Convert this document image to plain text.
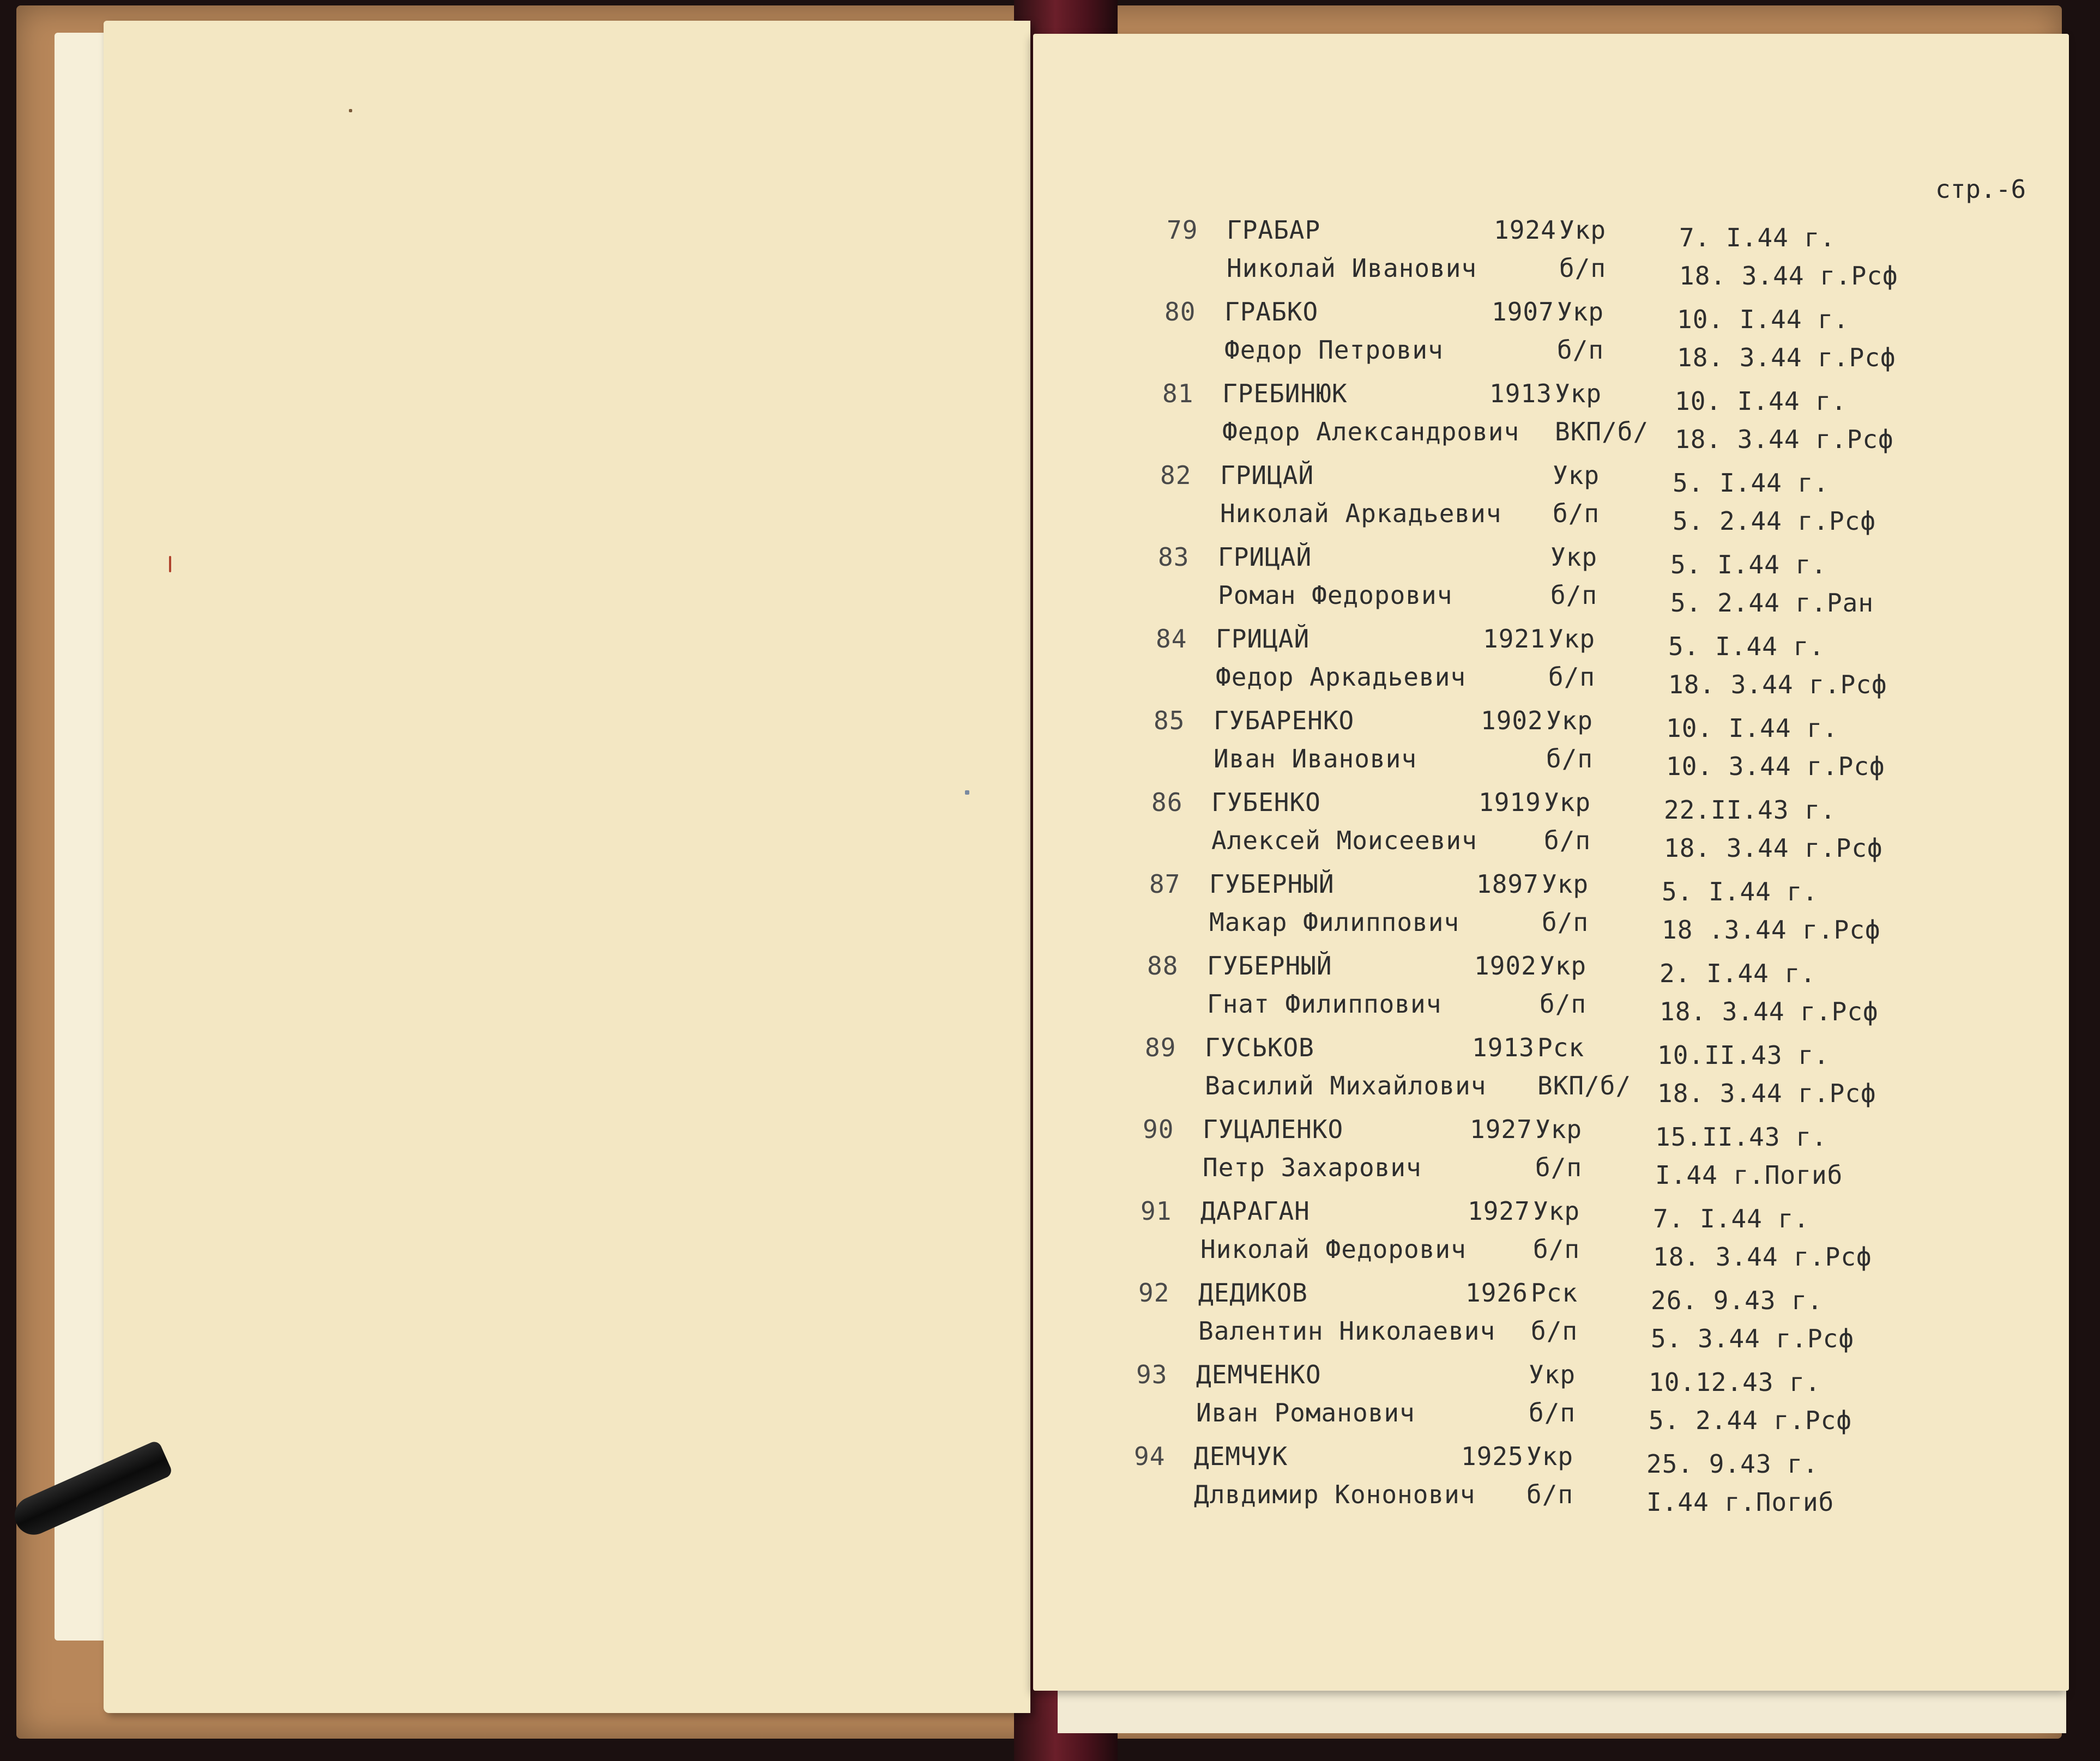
стр.-6
79 ГРАБАР
Николай Иванович
1924 Укр
б/п
7. I.44 г.
18. 3.44 г.Рсф
80 ГРАБКО
Федор Петрович
1907 Укр
б/п
10. I.44 г.
18. 3.44 г.Рсф
81 ГРЕБИНЮК
Федор Александрович
1913 Укр
ВКП/б/
10. I.44 г.
18. 3.44 г.Рсф
82 ГРИЦАЙ
Николай Аркадьевич
Укр
б/п
5. I.44 г.
5. 2.44 г.Рсф
83 ГРИЦАЙ
Роман Федорович
Укр
б/п
5. I.44 г.
5. 2.44 г.Ран
84 ГРИЦАЙ
Федор Аркадьевич
1921 Укр
б/п
5. I.44 г.
18. 3.44 г.Рсф
85 ГУБАРЕНКО
Иван Иванович
1902 Укр
б/п
10. I.44 г.
10. 3.44 г.Рсф
86 ГУБЕНКО
Алексей Моисеевич
1919 Укр
б/п
22.II.43 г.
18. 3.44 г.Рсф
87 ГУБЕРНЫЙ
Макар Филиппович
1897 Укр
б/п
5. I.44 г.
18 .3.44 г.Рсф
88 ГУБЕРНЫЙ
Гнат Филиппович
1902 Укр
б/п
2. I.44 г.
18. 3.44 г.Рсф
89 ГУСЬКОВ
Василий Михайлович
1913 Рск
ВКП/б/
10.II.43 г.
18. 3.44 г.Рсф
90 ГУЦАЛЕНКО
Петр Захарович
1927 Укр
б/п
15.II.43 г.
I.44 г.Погиб
91 ДАРАГАН
Николай Федорович
1927 Укр
б/п
7. I.44 г.
18. 3.44 г.Рсф
92 ДЕДИКОВ
Валентин Николаевич
1926 Рск
б/п
26. 9.43 г.
5. 3.44 г.Рсф
93 ДЕМЧЕНКО
Иван Романович
Укр
б/п
10.12.43 г.
5. 2.44 г.Рсф
94 ДЕМЧУК
Длвдимир Кононович
1925 Укр
б/п
25. 9.43 г.
I.44 г.Погиб
